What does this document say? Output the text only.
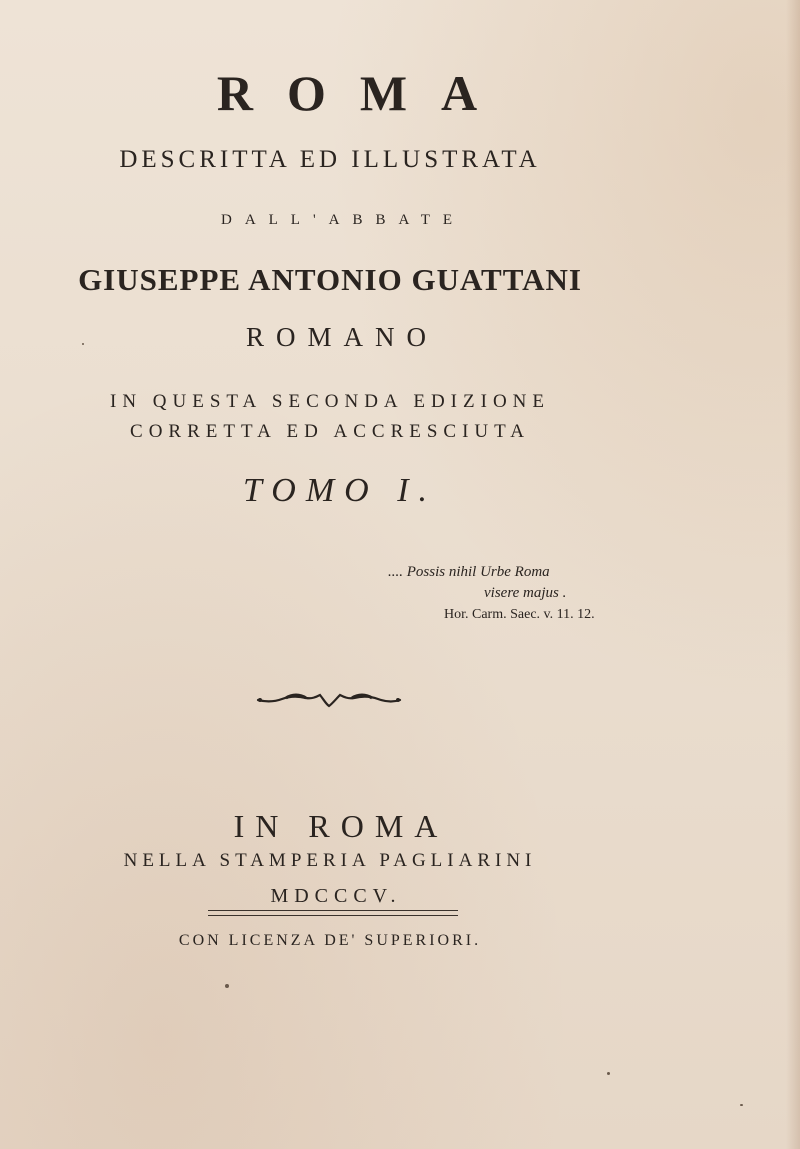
ROMA
DESCRITTA ED ILLUSTRATA
DALL'ABBATE
GIUSEPPE ANTONIO GUATTANI
ROMANO
IN QUESTA SECONDA EDIZIONE
CORRETTA ED ACCRESCIUTA
TOMO I.
.... Possis nihil Urbe Roma
visere majus .
Hor. Carm. Saec. v. 11. 12.
IN ROMA
NELLA STAMPERIA PAGLIARINI
MDCCCV.
CON LICENZA DE' SUPERIORI.
